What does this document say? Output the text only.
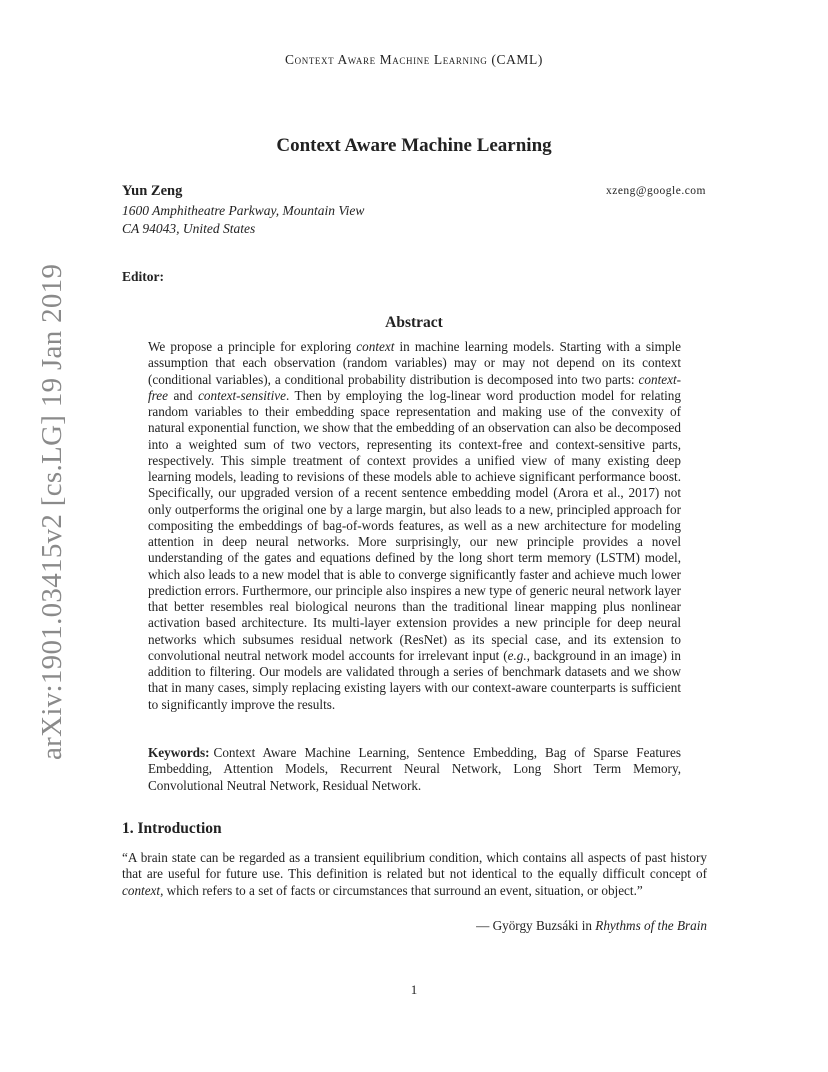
Context Aware Machine Learning (CAML)
arXiv:1901.03415v2 [cs.LG] 19 Jan 2019
Context Aware Machine Learning
Yun Zeng	xzeng@google.com
1600 Amphitheatre Parkway, Mountain View
CA 94043, United States
Editor:
Abstract

We propose a principle for exploring context in machine learning models. Starting with a simple assumption that each observation (random variables) may or may not depend on its context (conditional variables), a conditional probability distribution is decomposed into two parts: context-free and context-sensitive. Then by employing the log-linear word production model for relating random variables to their embedding space representation and making use of the convexity of natural exponential function, we show that the embedding of an observation can also be decomposed into a weighted sum of two vectors, representing its context-free and context-sensitive parts, respectively. This simple treatment of context provides a unified view of many existing deep learning models, leading to revisions of these models able to achieve significant performance boost. Specifically, our upgraded version of a recent sentence embedding model (Arora et al., 2017) not only outperforms the original one by a large margin, but also leads to a new, principled approach for compositing the embeddings of bag-of-words features, as well as a new architecture for modeling attention in deep neural networks. More surprisingly, our new principle provides a novel understanding of the gates and equations defined by the long short term memory (LSTM) model, which also leads to a new model that is able to converge significantly faster and achieve much lower prediction errors. Furthermore, our principle also inspires a new type of generic neural network layer that better resembles real biological neurons than the traditional linear mapping plus nonlinear activation based architecture. Its multi-layer extension provides a new principle for deep neural networks which subsumes residual network (ResNet) as its special case, and its extension to convolutional neutral network model accounts for irrelevant input (e.g., background in an image) in addition to filtering. Our models are validated through a series of benchmark datasets and we show that in many cases, simply replacing existing layers with our context-aware counterparts is sufficient to significantly improve the results.

Keywords: Context Aware Machine Learning, Sentence Embedding, Bag of Sparse Features Embedding, Attention Models, Recurrent Neural Network, Long Short Term Memory, Convolutional Neutral Network, Residual Network.

1. Introduction

“A brain state can be regarded as a transient equilibrium condition, which contains all aspects of past history that are useful for future use. This definition is related but not identical to the equally difficult concept of context, which refers to a set of facts or circumstances that surround an event, situation, or object.”

— György Buzsáki in Rhythms of the Brain
1
